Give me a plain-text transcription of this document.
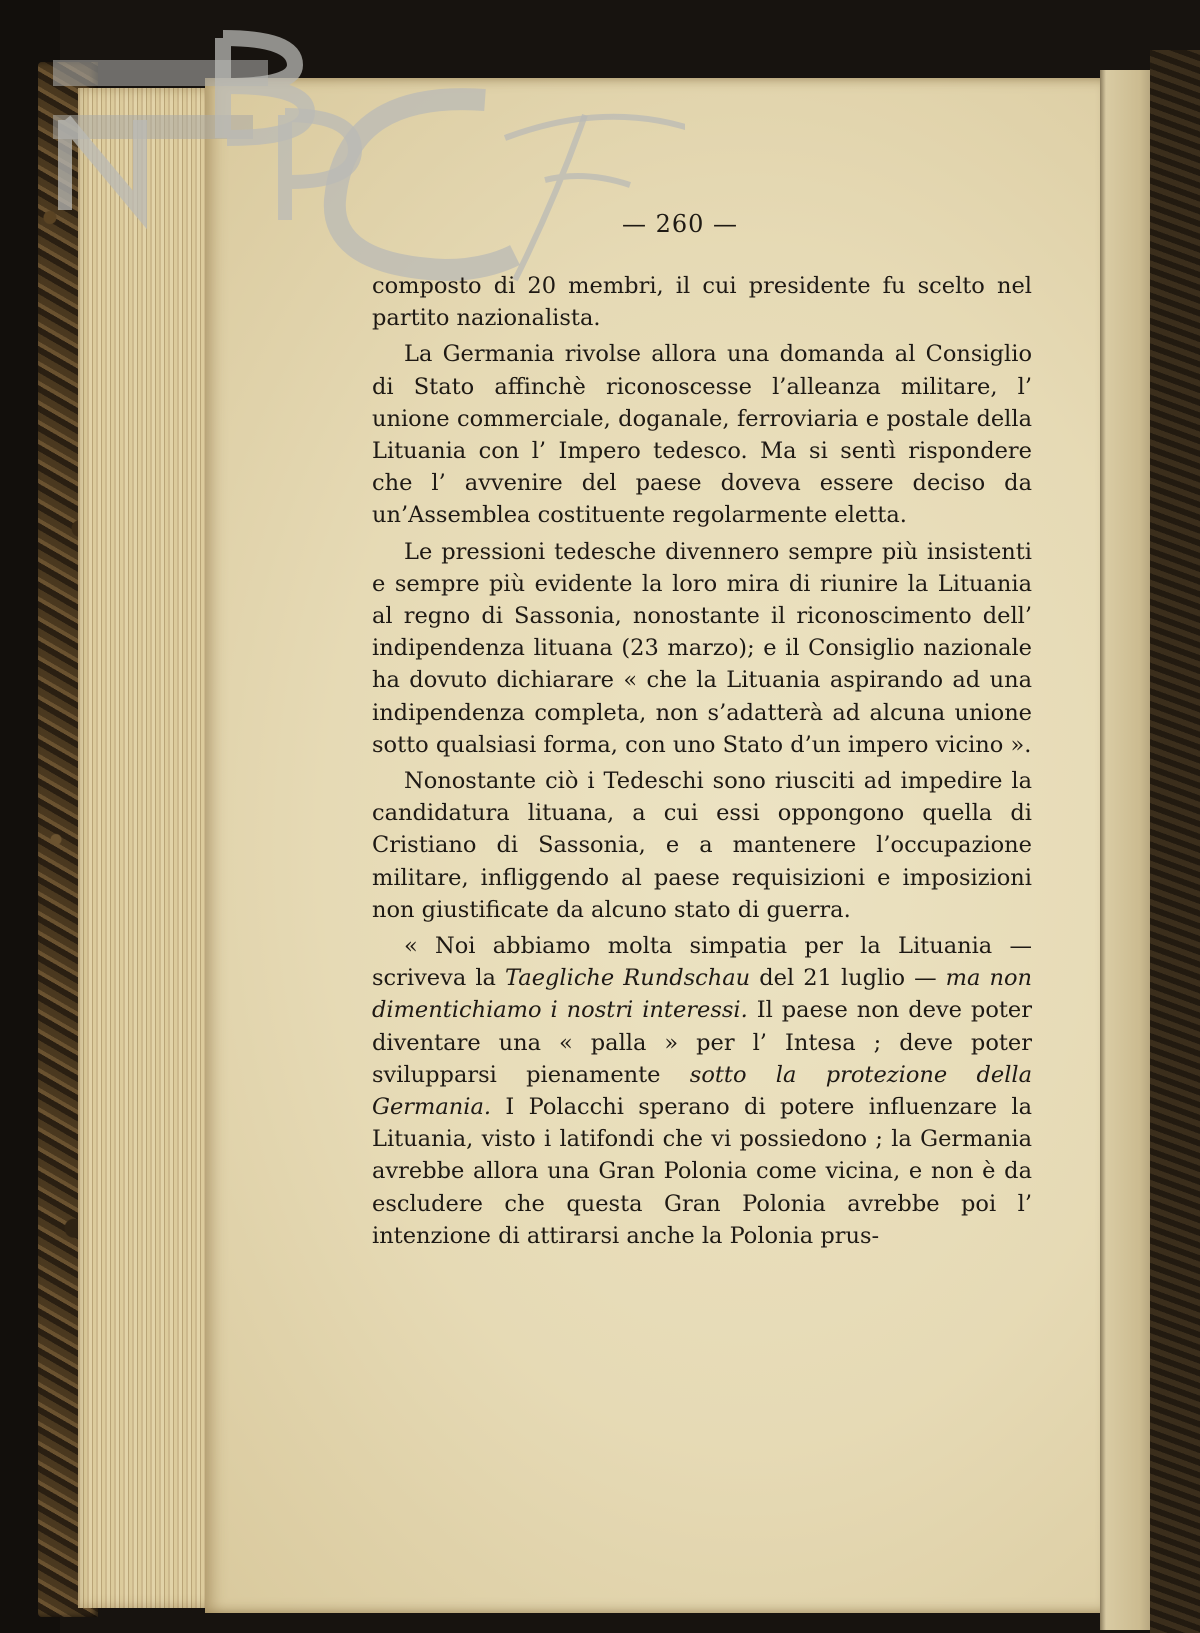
— 260 —

composto di 20 membri, il cui presidente fu scelto nel partito nazionalista.

La Germania rivolse allora una domanda al Consiglio di Stato affinchè riconoscesse l’alleanza militare, l’ unione commerciale, doganale, ferroviaria e postale della Lituania con l’ Impero tedesco. Ma si sentì rispondere che l’ avvenire del paese doveva essere deciso da un’Assemblea costituente regolarmente eletta.

Le pressioni tedesche divennero sempre più insistenti e sempre più evidente la loro mira di riunire la Lituania al regno di Sassonia, nonostante il riconoscimento dell’ indipendenza lituana (23 marzo); e il Consiglio nazionale ha dovuto dichiarare « che la Lituania aspirando ad una indipendenza completa, non s’adatterà ad alcuna unione sotto qualsiasi forma, con uno Stato d’un impero vicino ».

Nonostante ciò i Tedeschi sono riusciti ad impedire la candidatura lituana, a cui essi oppongono quella di Cristiano di Sassonia, e a mantenere l’occupazione militare, infliggendo al paese requisizioni e imposizioni non giustificate da alcuno stato di guerra.

« Noi abbiamo molta simpatia per la Lituania — scriveva la Taegliche Rundschau del 21 luglio — ma non dimentichiamo i nostri interessi. Il paese non deve poter diventare una « palla » per l’ Intesa ; deve poter svilupparsi pienamente sotto la protezione della Germania. I Polacchi sperano di potere influenzare la Lituania, visto i latifondi che vi possiedono ; la Germania avrebbe allora una Gran Polonia come vicina, e non è da escludere che questa Gran Polonia avrebbe poi l’ intenzione di attirarsi anche la Polonia prus-
